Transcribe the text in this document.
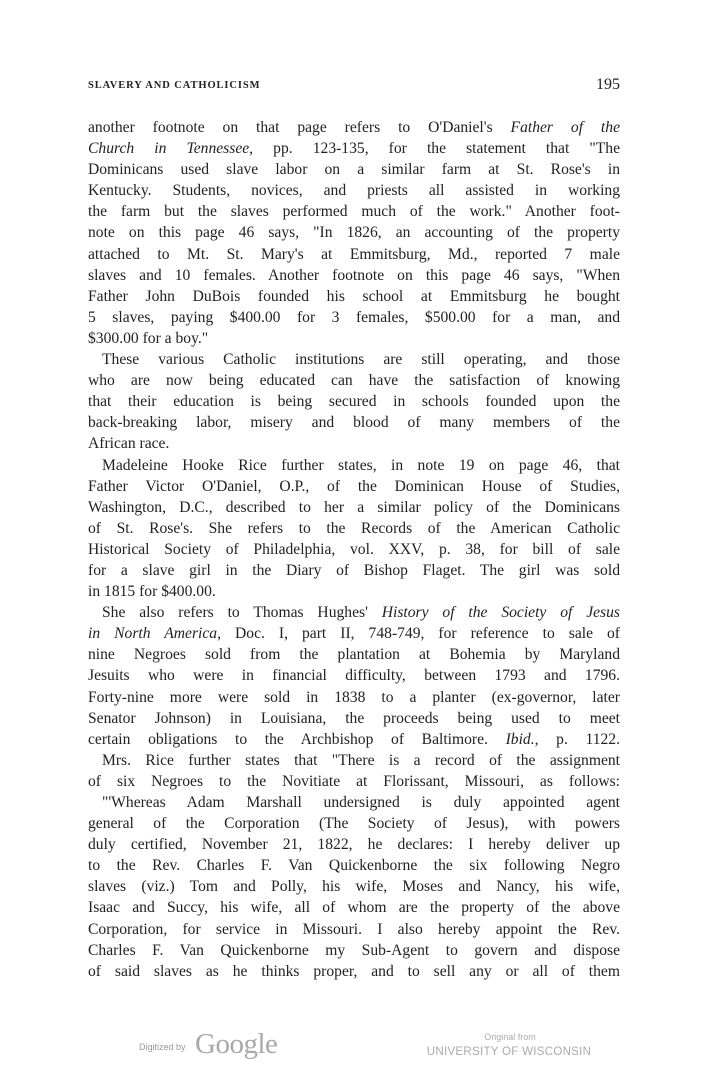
SLAVERY AND CATHOLICISM	195
another footnote on that page refers to O'Daniel's Father of the
Church in Tennessee, pp. 123-135, for the statement that "The
Dominicans used slave labor on a similar farm at St. Rose's in
Kentucky. Students, novices, and priests all assisted in working
the farm but the slaves performed much of the work." Another foot-
note on this page 46 says, "In 1826, an accounting of the property
attached to Mt. St. Mary's at Emmitsburg, Md., reported 7 male
slaves and 10 females. Another footnote on this page 46 says, "When
Father John DuBois founded his school at Emmitsburg he bought
5 slaves, paying $400.00 for 3 females, $500.00 for a man, and
$300.00 for a boy."
These various Catholic institutions are still operating, and those
who are now being educated can have the satisfaction of knowing
that their education is being secured in schools founded upon the
back-breaking labor, misery and blood of many members of the
African race.
Madeleine Hooke Rice further states, in note 19 on page 46, that
Father Victor O'Daniel, O.P., of the Dominican House of Studies,
Washington, D.C., described to her a similar policy of the Dominicans
of St. Rose's. She refers to the Records of the American Catholic
Historical Society of Philadelphia, vol. XXV, p. 38, for bill of sale
for a slave girl in the Diary of Bishop Flaget. The girl was sold
in 1815 for $400.00.
She also refers to Thomas Hughes' History of the Society of Jesus
in North America, Doc. I, part II, 748-749, for reference to sale of
nine Negroes sold from the plantation at Bohemia by Maryland
Jesuits who were in financial difficulty, between 1793 and 1796.
Forty-nine more were sold in 1838 to a planter (ex-governor, later
Senator Johnson) in Louisiana, the proceeds being used to meet
certain obligations to the Archbishop of Baltimore. Ibid., p. 1122.
Mrs. Rice further states that "There is a record of the assignment
of six Negroes to the Novitiate at Florissant, Missouri, as follows:
"'Whereas Adam Marshall undersigned is duly appointed agent
general of the Corporation (The Society of Jesus), with powers
duly certified, November 21, 1822, he declares: I hereby deliver up
to the Rev. Charles F. Van Quickenborne the six following Negro
slaves (viz.) Tom and Polly, his wife, Moses and Nancy, his wife,
Isaac and Succy, his wife, all of whom are the property of the above
Corporation, for service in Missouri. I also hereby appoint the Rev.
Charles F. Van Quickenborne my Sub-Agent to govern and dispose
of said slaves as he thinks proper, and to sell any or all of them
Digitized by Google	Original from
UNIVERSITY OF WISCONSIN
